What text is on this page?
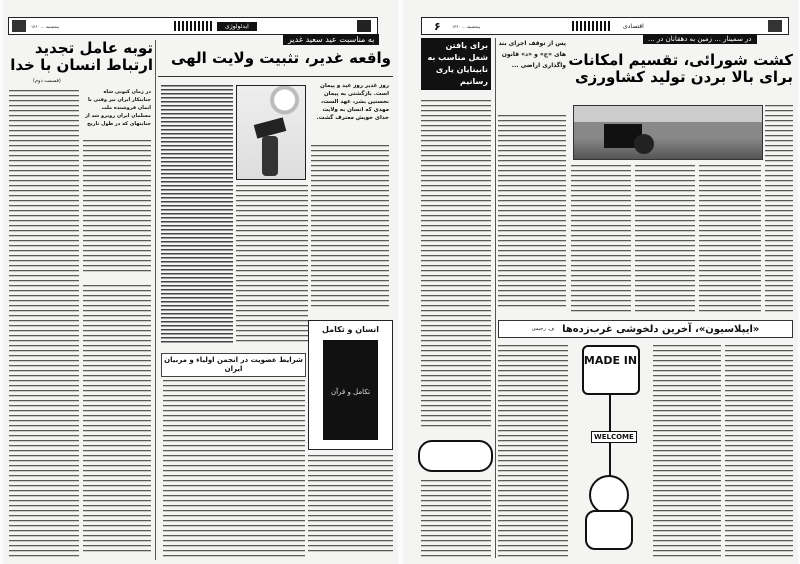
ایدئولوژی
پنجشنبه ... ۱۳۶۰
توبه عامل تجدید
ارتباط انسان با خدا
(قسمت دوم)
در زمان کنونی شاه جنایتکار ایران نیز وقتی با ایمان فروشنده ملت مسلمان ایران روبرو شد از جنایتهای که در طول تاریخ
به مناسبت عید سعید غدیر
واقعه غدیر، تثبیت ولایت الهی
روز غدیر روز عید و پیمان است. بازگشتی به پیمان نخستین بشر، عهد الست، مهدی که انسان به ولایت خدای خویش معترف گشت.
انسان و تکامل
تکامل و قرآن
شرایط عضویت در انجمن اولیاء و مربیان ایران
۶	پنجشنبه ... ۱۳۶۰	اقتصادی
برای یافتن شغل مناسب به نابینایان یاری رسانیم
پس از توقف اجرای بند های «ج» و «د» قانون واگذاری اراضی ...
در سمینار ... زمین به دهقانان در ...
کشت شورائی، تقسیم امکانات
برای بالا بردن تولید کشاورزی
«ایپلاسیون»، آخرین دلخوشی غرب‌زده‌ها
ف. رحیمی
MADE IN
WELCOME
